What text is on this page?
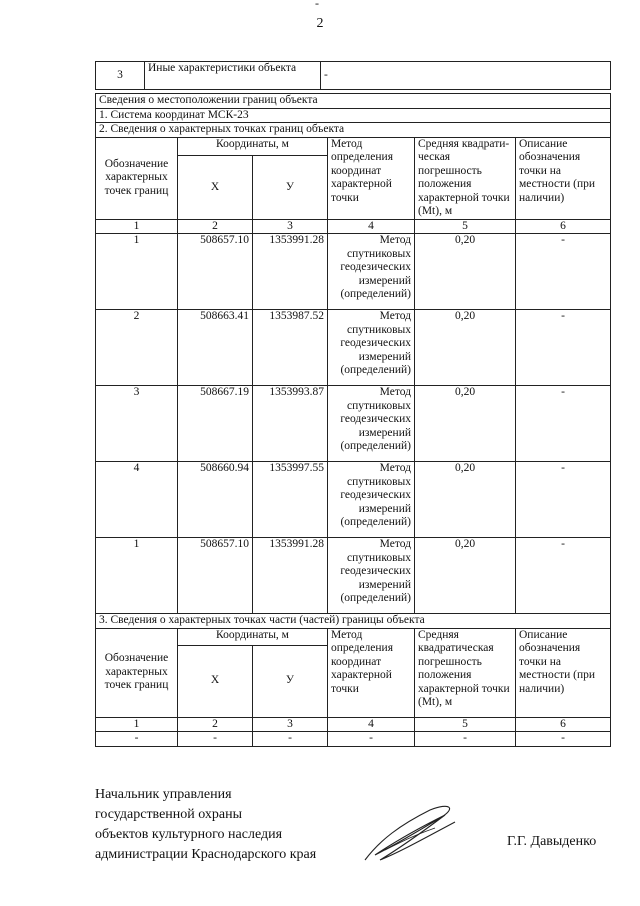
-
2
3	Иные характеристики объекта	-
Сведения о местоположении границ объекта					
1. Система координат МСК-23					
2. Сведения о характерных точках границ объекта					
Обозначение характерных точек границ	Координаты, м		Метод определения координат характерной точки	Средняя квадрати-ческая погрешность положения характерной точки (Mt), м	Описание обозначения точки на местности (при наличии)
	X	У			
1	2	3	4	5	6
1	508657.10	1353991.28	Метод спутниковых геодезических измерений (определений)	0,20	-
2	508663.41	1353987.52	Метод спутниковых геодезических измерений (определений)	0,20	-
3	508667.19	1353993.87	Метод спутниковых геодезических измерений (определений)	0,20	-
4	508660.94	1353997.55	Метод спутниковых геодезических измерений (определений)	0,20	-
1	508657.10	1353991.28	Метод спутниковых геодезических измерений (определений)	0,20	-
3. Сведения о характерных точках части (частей) границы объекта					
Обозначение характерных точек границ	Координаты, м		Метод определения координат характерной точки	Средняя квадратическая погрешность положения характерной точки (Mt), м	Описание обозначения точки на местности (при наличии)
	Х	У			
1	2	3	4	5	6
-	-	-	-	-	-
Начальник управления
государственной охраны
объектов культурного наследия
администрации Краснодарского края
Г.Г. Давыденко
